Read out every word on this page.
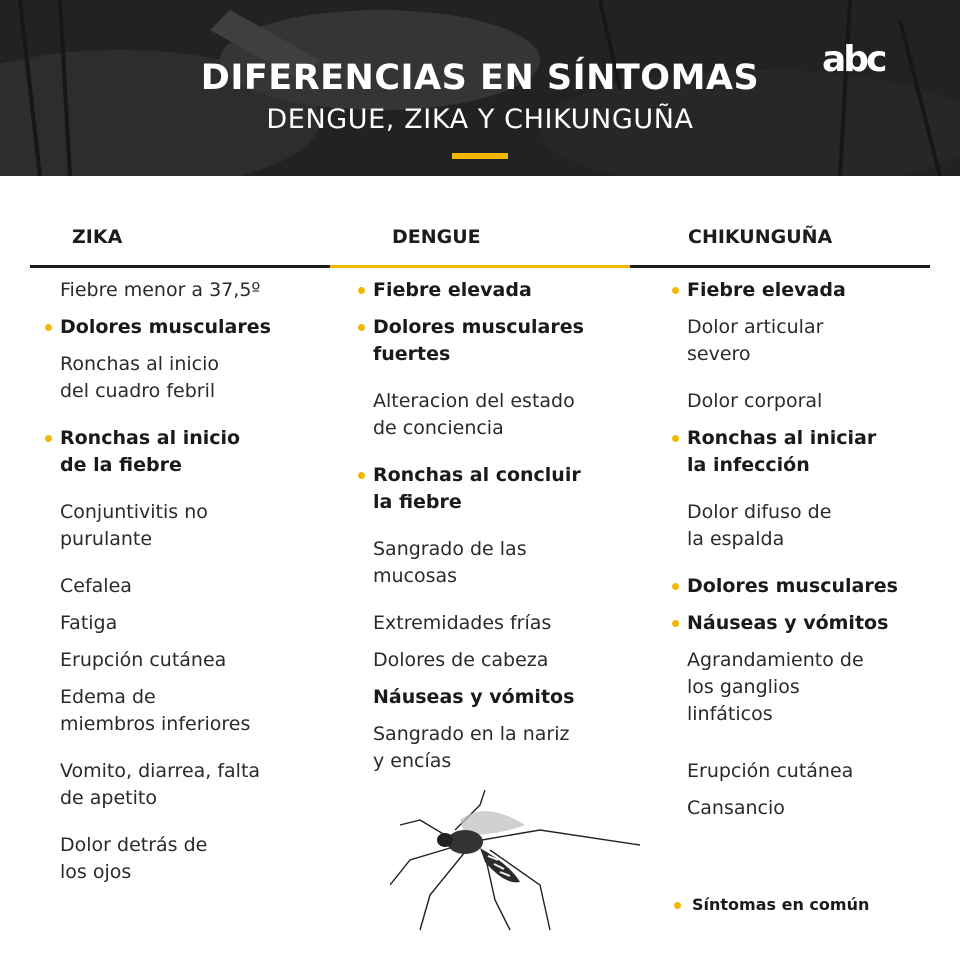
DIFERENCIAS EN SÍNTOMAS
DENGUE, ZIKA Y CHIKUNGUÑA
abc
ZIKA	DENGUE	CHIKUNGUÑA
Fiebre menor a 37,5º
Dolores musculares
Ronchas al inicio
del cuadro febril
Ronchas al inicio
de la fiebre
Conjuntivitis no
purulante
Cefalea
Fatiga
Erupción cutánea
Edema de
miembros inferiores
Vomito, diarrea, falta
de apetito
Dolor detrás de
los ojos
Fiebre elevada
Dolores musculares
fuertes
Alteracion del estado
de conciencia
Ronchas al concluir
la fiebre
Sangrado de las
mucosas
Extremidades frías
Dolores de cabeza
Náuseas y vómitos
Sangrado en la nariz
y encías
Fiebre elevada
Dolor articular
severo
Dolor corporal
Ronchas al iniciar
la infección
Dolor difuso de
la espalda
Dolores musculares
Náuseas y vómitos
Agrandamiento de
los ganglios
linfáticos
Erupción cutánea
Cansancio
Síntomas en común
